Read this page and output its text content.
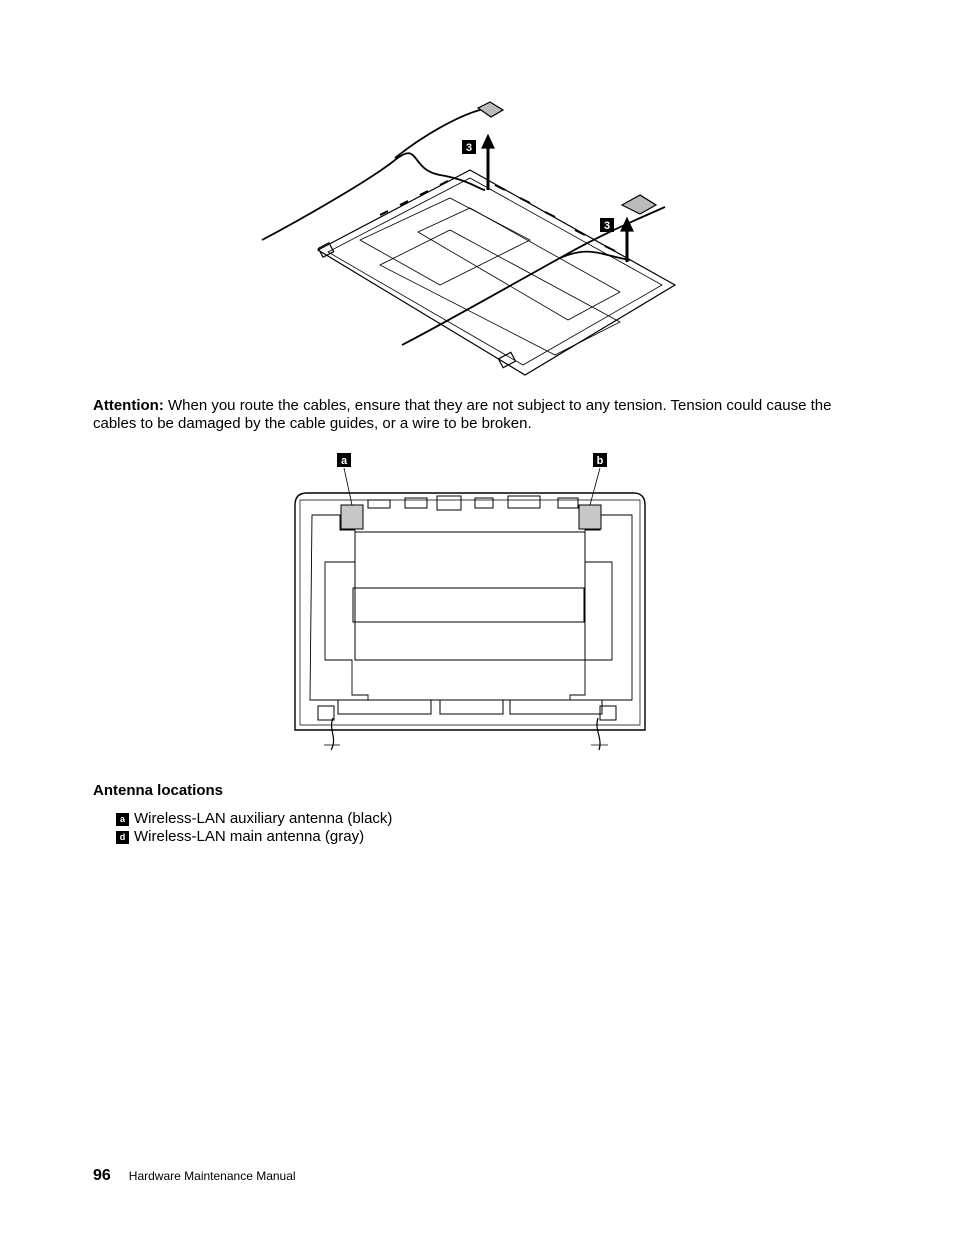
3
3
Attention: When you route the cables, ensure that they are not subject to any tension. Tension could cause the cables to be damaged by the cable guides, or a wire to be broken.
a	b
Antenna locations
a Wireless-LAN auxiliary antenna (black)
d Wireless-LAN main antenna (gray)
96 Hardware Maintenance Manual
